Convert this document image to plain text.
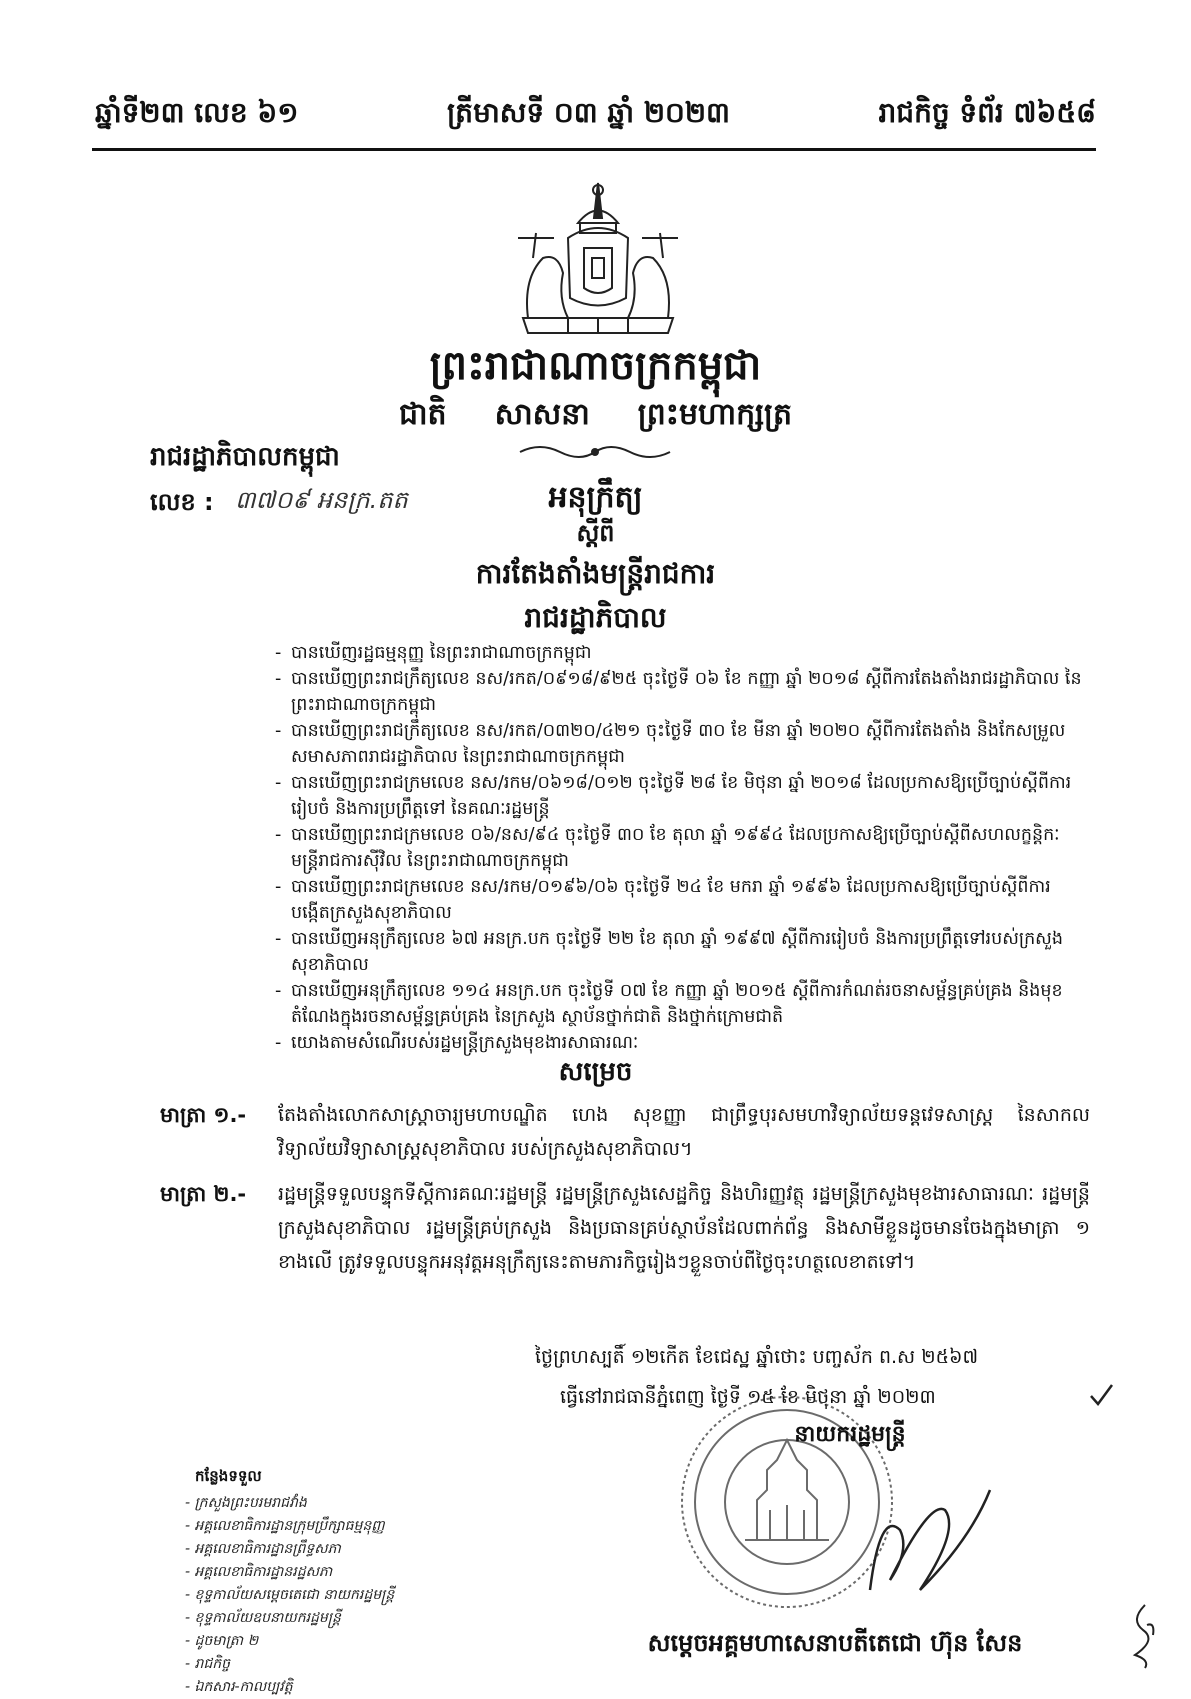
ឆ្នាំទី២៣ លេខ ៦១	ត្រីមាសទី ០៣ ឆ្នាំ ២០២៣	រាជកិច្ច ទំព័រ ៧៦៥៨
ព្រះរាជាណាចក្រកម្ពុជា
ជាតិ សាសនា ព្រះមហាក្សត្រ
រាជរដ្ឋាភិបាលកម្ពុជា
លេខ : ៣៧០៩ អនក្រ.តត	អនុក្រឹត្យ
ស្តីពី
ការតែងតាំងមន្ត្រីរាជការ
រាជរដ្ឋាភិបាល
- បានឃើញរដ្ឋធម្មនុញ្ញ នៃព្រះរាជាណាចក្រកម្ពុជា
- បានឃើញព្រះរាជក្រឹត្យលេខ នស/រកត/០៩១៨/៩២៥ ចុះថ្ងៃទី ០៦ ខែ កញ្ញា ឆ្នាំ ២០១៨ ស្តីពីការតែងតាំងរាជរដ្ឋាភិបាល នៃព្រះរាជាណាចក្រកម្ពុជា
- បានឃើញព្រះរាជក្រឹត្យលេខ នស/រកត/០៣២០/៤២១ ចុះថ្ងៃទី ៣០ ខែ មីនា ឆ្នាំ ២០២០ ស្តីពីការតែងតាំង និងកែសម្រួលសមាសភាពរាជរដ្ឋាភិបាល នៃព្រះរាជាណាចក្រកម្ពុជា
- បានឃើញព្រះរាជក្រមលេខ នស/រកម/០៦១៨/០១២ ចុះថ្ងៃទី ២៨ ខែ មិថុនា ឆ្នាំ ២០១៨ ដែលប្រកាសឱ្យប្រើច្បាប់ស្តីពីការរៀបចំ និងការប្រព្រឹត្តទៅ នៃគណៈរដ្ឋមន្ត្រី
- បានឃើញព្រះរាជក្រមលេខ ០៦/នស/៩៤ ចុះថ្ងៃទី ៣០ ខែ តុលា ឆ្នាំ ១៩៩៤ ដែលប្រកាសឱ្យប្រើច្បាប់ស្តីពីសហលក្ខន្តិកៈមន្ត្រីរាជការស៊ីវិល នៃព្រះរាជាណាចក្រកម្ពុជា
- បានឃើញព្រះរាជក្រមលេខ នស/រកម/០១៩៦/០៦ ចុះថ្ងៃទី ២៤ ខែ មករា ឆ្នាំ ១៩៩៦ ដែលប្រកាសឱ្យប្រើច្បាប់ស្តីពីការបង្កើតក្រសួងសុខាភិបាល
- បានឃើញអនុក្រឹត្យលេខ ៦៧ អនក្រ.បក ចុះថ្ងៃទី ២២ ខែ តុលា ឆ្នាំ ១៩៩៧ ស្តីពីការរៀបចំ និងការប្រព្រឹត្តទៅរបស់ក្រសួងសុខាភិបាល
- បានឃើញអនុក្រឹត្យលេខ ១១៤ អនក្រ.បក ចុះថ្ងៃទី ០៧ ខែ កញ្ញា ឆ្នាំ ២០១៥ ស្តីពីការកំណត់រចនាសម្ព័ន្ធគ្រប់គ្រង និងមុខតំណែងក្នុងរចនាសម្ព័ន្ធគ្រប់គ្រង នៃក្រសួង ស្ថាប័នថ្នាក់ជាតិ និងថ្នាក់ក្រោមជាតិ
- យោងតាមសំណើរបស់រដ្ឋមន្ត្រីក្រសួងមុខងារសាធារណៈ
សម្រេច
មាត្រា ១.- តែងតាំងលោកសាស្ត្រាចារ្យមហាបណ្ឌិត ហេង សុខញ្ញា ជាព្រឹទ្ធបុរសមហាវិទ្យាល័យទន្តវេទសាស្ត្រ នៃសាកលវិទ្យាល័យវិទ្យាសាស្ត្រសុខាភិបាល របស់ក្រសួងសុខាភិបាល។
មាត្រា ២.- រដ្ឋមន្ត្រីទទួលបន្ទុកទីស្តីការគណៈរដ្ឋមន្ត្រី រដ្ឋមន្ត្រីក្រសួងសេដ្ឋកិច្ច និងហិរញ្ញវត្ថុ រដ្ឋមន្ត្រីក្រសួងមុខងារសាធារណៈ រដ្ឋមន្ត្រីក្រសួងសុខាភិបាល រដ្ឋមន្ត្រីគ្រប់ក្រសួង និងប្រធានគ្រប់ស្ថាប័នដែលពាក់ព័ន្ធ និងសាមីខ្លួនដូចមានចែងក្នុងមាត្រា ១ ខាងលើ ត្រូវទទួលបន្ទុកអនុវត្តអនុក្រឹត្យនេះតាមភារកិច្ចរៀងៗខ្លួនចាប់ពីថ្ងៃចុះហត្ថលេខាតទៅ។
ថ្ងៃព្រហស្បតិ៍ ១២កើត ខែជេស្ឋ ឆ្នាំថោះ បញ្ចស័ក ព.ស ២៥៦៧
ធ្វើនៅរាជធានីភ្នំពេញ ថ្ងៃទី ១៥ ខែ មិថុនា ឆ្នាំ ២០២៣
នាយករដ្ឋមន្ត្រី
សម្តេចអគ្គមហាសេនាបតីតេជោ ហ៊ុន សែន
កន្លែងទទួល
- ក្រសួងព្រះបរមរាជវាំង
- អគ្គលេខាធិការដ្ឋានក្រុមប្រឹក្សាធម្មនុញ្ញ
- អគ្គលេខាធិការដ្ឋានព្រឹទ្ធសភា
- អគ្គលេខាធិការដ្ឋានរដ្ឋសភា
- ខុទ្ទកាល័យសម្តេចតេជោ នាយករដ្ឋមន្ត្រី
- ខុទ្ទកាល័យឧបនាយករដ្ឋមន្ត្រី
- ដូចមាត្រា ២
- រាជកិច្ច
- ឯកសារ-កាលប្បវត្តិ
